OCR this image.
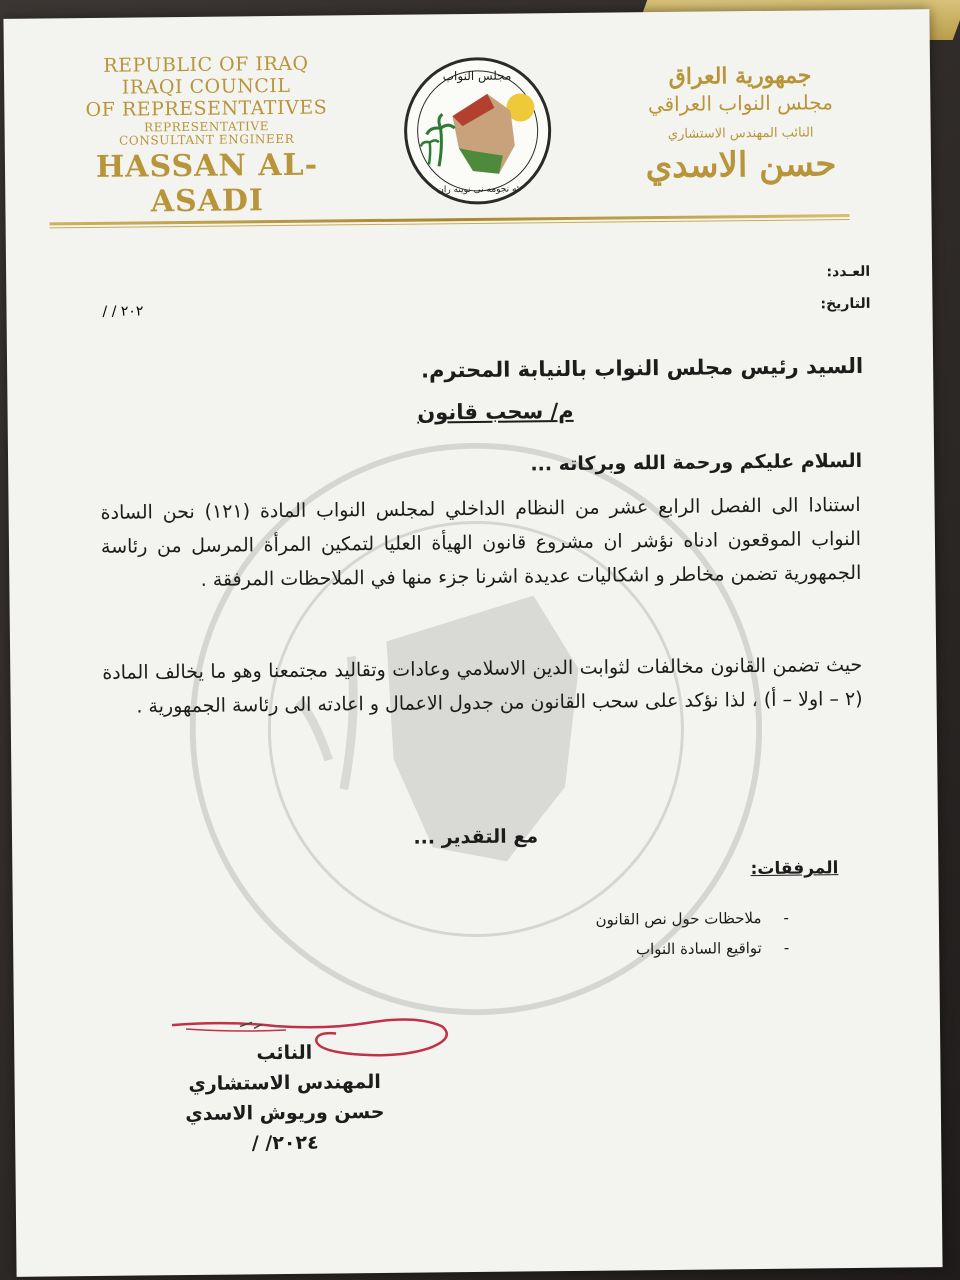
REPUBLIC OF IRAQ
IRAQI COUNCIL
OF REPRESENTATIVES
REPRESENTATIVE
CONSULTANT ENGINEER
HASSAN AL-ASADI
مجلس النواب
ئه نجومه نى نوينه ران
جمهورية العراق
مجلس النواب العراقي
النائب المهندس الاستشاري
حسن الاسدي
العـدد:
التاريخ:
/ / ٢٠٢
السيد رئيس مجلس النواب بالنيابة المحترم.
م/ سحب قانون
السلام عليكم ورحمة الله وبركاته ...
استنادا الى الفصل الرابع عشر من النظام الداخلي لمجلس النواب المادة (١٢١) نحن السادة النواب الموقعون ادناه نؤشر ان مشروع قانون الهيأة العليا لتمكين المرأة المرسل من رئاسة الجمهورية تضمن مخاطر و اشكاليات عديدة اشرنا جزء منها في الملاحظات المرفقة .
حيث تضمن القانون مخالفات لثوابت الدين الاسلامي وعادات وتقاليد مجتمعنا وهو ما يخالف المادة (٢ – اولا – أ) ، لذا نؤكد على سحب القانون من جدول الاعمال و اعادته الى رئاسة الجمهورية .
مع التقدير ...
المرفقات:
- ملاحظات حول نص القانون
- تواقيع السادة النواب
النائب
المهندس الاستشاري
حسن وريوش الاسدي
/ /٢٠٢٤
